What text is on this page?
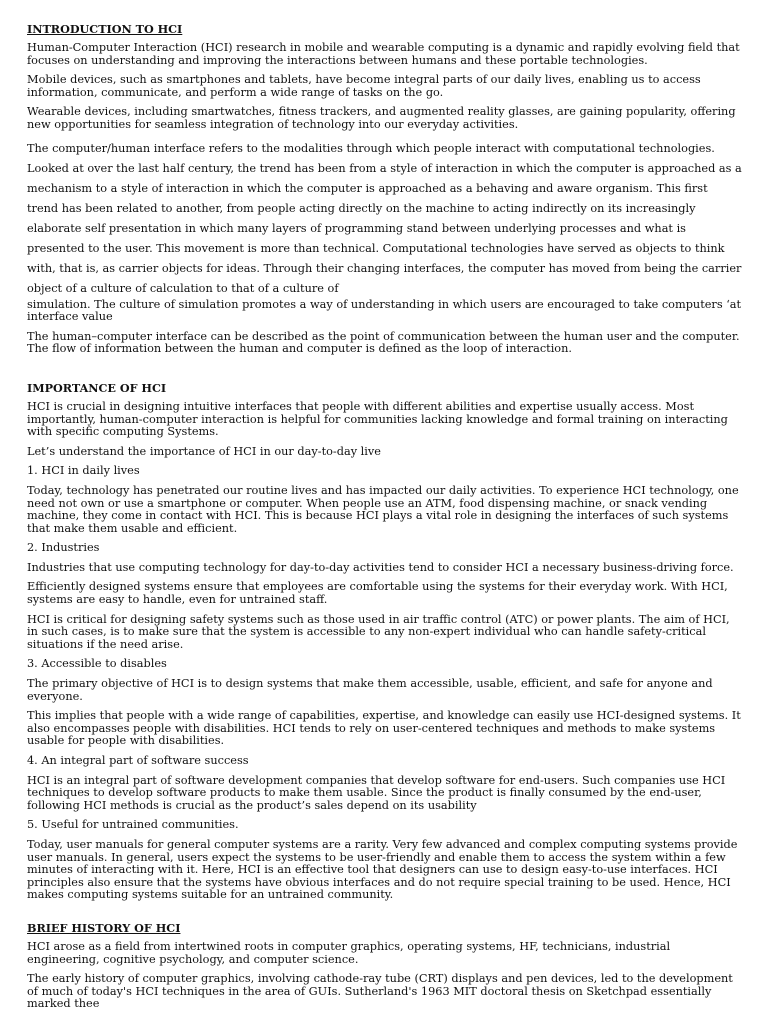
INTRODUCTION TO HCI

Human-Computer Interaction (HCI) research in mobile and wearable computing is a dynamic and rapidly evolving field that focuses on understanding and improving the interactions between humans and these portable technologies.

Mobile devices, such as smartphones and tablets, have become integral parts of our daily lives, enabling us to access information, communicate, and perform a wide range of tasks on the go.

Wearable devices, including smartwatches, fitness trackers, and augmented reality glasses, are gaining popularity, offering new opportunities for seamless integration of technology into our everyday activities.

The computer/human interface refers to the modalities through which people interact with computational technologies. Looked at over the last half century, the trend has been from a style of interaction in which the computer is approached as a mechanism to a style of interaction in which the computer is approached as a behaving and aware organism. This first trend has been related to another, from people acting directly on the machine to acting indirectly on its increasingly elaborate self presentation in which many layers of programming stand between underlying processes and what is presented to the user. This movement is more than technical. Computational technologies have served as objects to think with, that is, as carrier objects for ideas. Through their changing interfaces, the computer has moved from being the carrier object of a culture of calculation to that of a culture of

simulation. The culture of simulation promotes a way of understanding in which users are encouraged to take computers ‘at interface value

The human–computer interface can be described as the point of communication between the human user and the computer. The flow of information between the human and computer is defined as the loop of interaction.

IMPORTANCE OF HCI

HCI is crucial in designing intuitive interfaces that people with different abilities and expertise usually access. Most importantly, human-computer interaction is helpful for communities lacking knowledge and formal training on interacting with specific computing Systems.

Let’s understand the importance of HCI in our day-to-day live

1. HCI in daily lives

Today, technology has penetrated our routine lives and has impacted our daily activities. To experience HCI technology, one need not own or use a smartphone or computer. When people use an ATM, food dispensing machine, or snack vending machine, they come in contact with HCI. This is because HCI plays a vital role in designing the interfaces of such systems that make them usable and efficient.

2. Industries

Industries that use computing technology for day-to-day activities tend to consider HCI a necessary business-driving force.

Efficiently designed systems ensure that employees are comfortable using the systems for their everyday work. With HCI, systems are easy to handle, even for untrained staff.

HCI is critical for designing safety systems such as those used in air traffic control (ATC) or power plants. The aim of HCI, in such cases, is to make sure that the system is accessible to any non-expert individual who can handle safety-critical situations if the need arise.

3. Accessible to disables

The primary objective of HCI is to design systems that make them accessible, usable, efficient, and safe for anyone and everyone.

This implies that people with a wide range of capabilities, expertise, and knowledge can easily use HCI-designed systems. It also encompasses people with disabilities. HCI tends to rely on user-centered techniques and methods to make systems usable for people with disabilities.

4. An integral part of software success

HCI is an integral part of software development companies that develop software for end-users. Such companies use HCI techniques to develop software products to make them usable. Since the product is finally consumed by the end-user, following HCI methods is crucial as the product’s sales depend on its usability

5. Useful for untrained communities.

Today, user manuals for general computer systems are a rarity. Very few advanced and complex computing systems provide user manuals. In general, users expect the systems to be user-friendly and enable them to access the system within a few minutes of interacting with it. Here, HCI is an effective tool that designers can use to design easy-to-use interfaces. HCI principles also ensure that the systems have obvious interfaces and do not require special training to be used. Hence, HCI makes computing systems suitable for an untrained community.

BRIEF HISTORY OF HCI

HCI arose as a field from intertwined roots in computer graphics, operating systems, HF, technicians, industrial engineering, cognitive psychology, and computer science.

The early history of computer graphics, involving cathode-ray tube (CRT) displays and pen devices, led to the development of much of today's HCI techniques in the area of GUIs. Sutherland's 1963 MIT doctoral thesis on Sketchpad essentially marked thee
